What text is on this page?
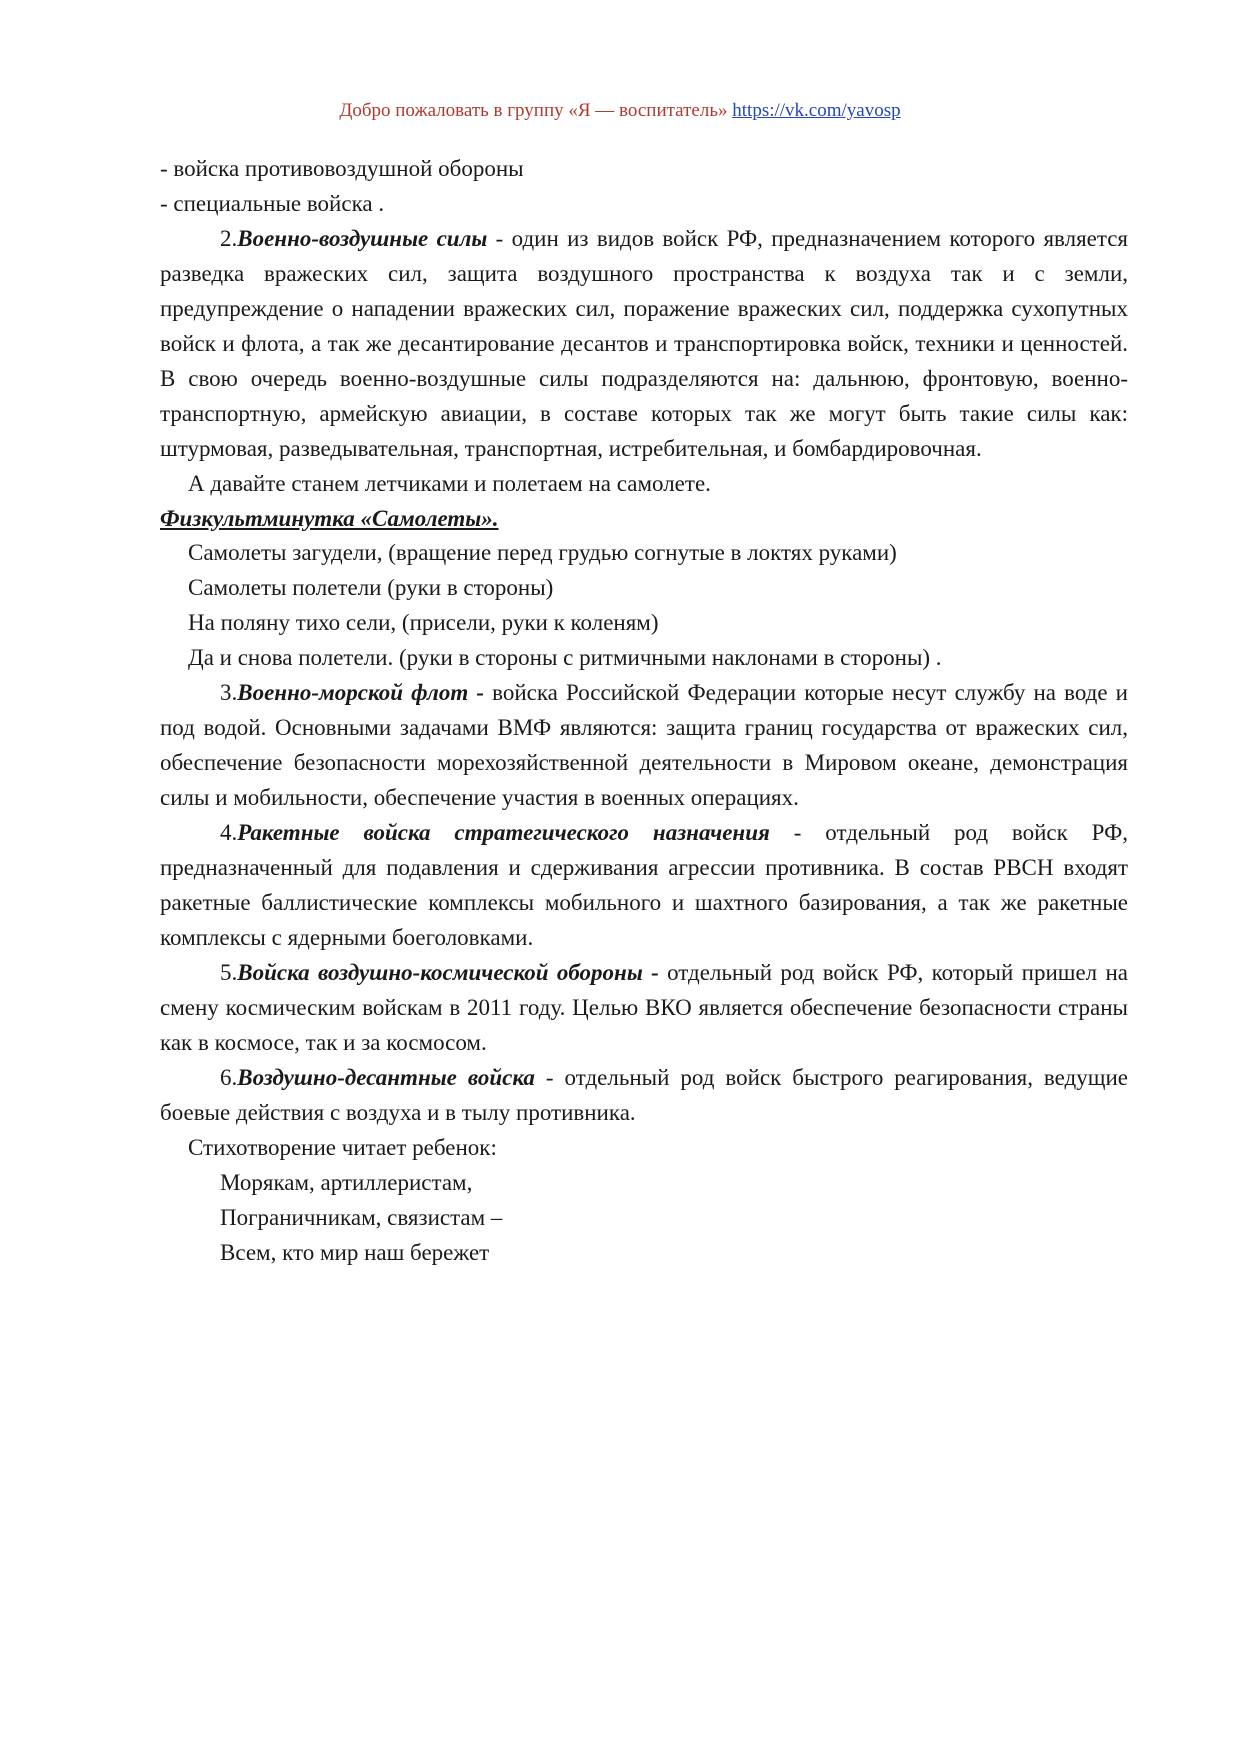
Добро пожаловать в группу «Я — воспитатель» https://vk.com/yavosp

- войска противовоздушной обороны

- специальные войска .

2.Военно-воздушные силы - один из видов войск РФ, предназначением которого является разведка вражеских сил, защита воздушного пространства к воздуха так и с земли, предупреждение о нападении вражеских сил, поражение вражеских сил, поддержка сухопутных войск и флота, а так же десантирование десантов и транспортировка войск, техники и ценностей. В свою очередь военно-воздушные силы подразделяются на: дальнюю, фронтовую, военно-транспортную, армейскую авиации, в составе которых так же могут быть такие силы как: штурмовая, разведывательная, транспортная, истребительная, и бомбардировочная.

А давайте станем летчиками и полетаем на самолете.

Физкультминутка «Самолеты».

Самолеты загудели, (вращение перед грудью согнутые в локтях руками)

Самолеты полетели (руки в стороны)

На поляну тихо сели, (присели, руки к коленям)

Да и снова полетели. (руки в стороны с ритмичными наклонами в стороны) .

3.Военно-морской флот - войска Российской Федерации которые несут службу на воде и под водой. Основными задачами ВМФ являются: защита границ государства от вражеских сил, обеспечение безопасности морехозяйственной деятельности в Мировом океане, демонстрация силы и мобильности, обеспечение участия в военных операциях.

4.Ракетные войска стратегического назначения - отдельный род войск РФ, предназначенный для подавления и сдерживания агрессии противника. В состав РВСН входят ракетные баллистические комплексы мобильного и шахтного базирования, а так же ракетные комплексы с ядерными боеголовками.

5.Войска воздушно-космической обороны - отдельный род войск РФ, который пришел на смену космическим войскам в 2011 году. Целью ВКО является обеспечение безопасности страны как в космосе, так и за космосом.

6.Воздушно-десантные войска - отдельный род войск быстрого реагирования, ведущие боевые действия с воздуха и в тылу противника.

Стихотворение читает ребенок:

Морякам, артиллеристам,

Пограничникам, связистам –

Всем, кто мир наш бережет
